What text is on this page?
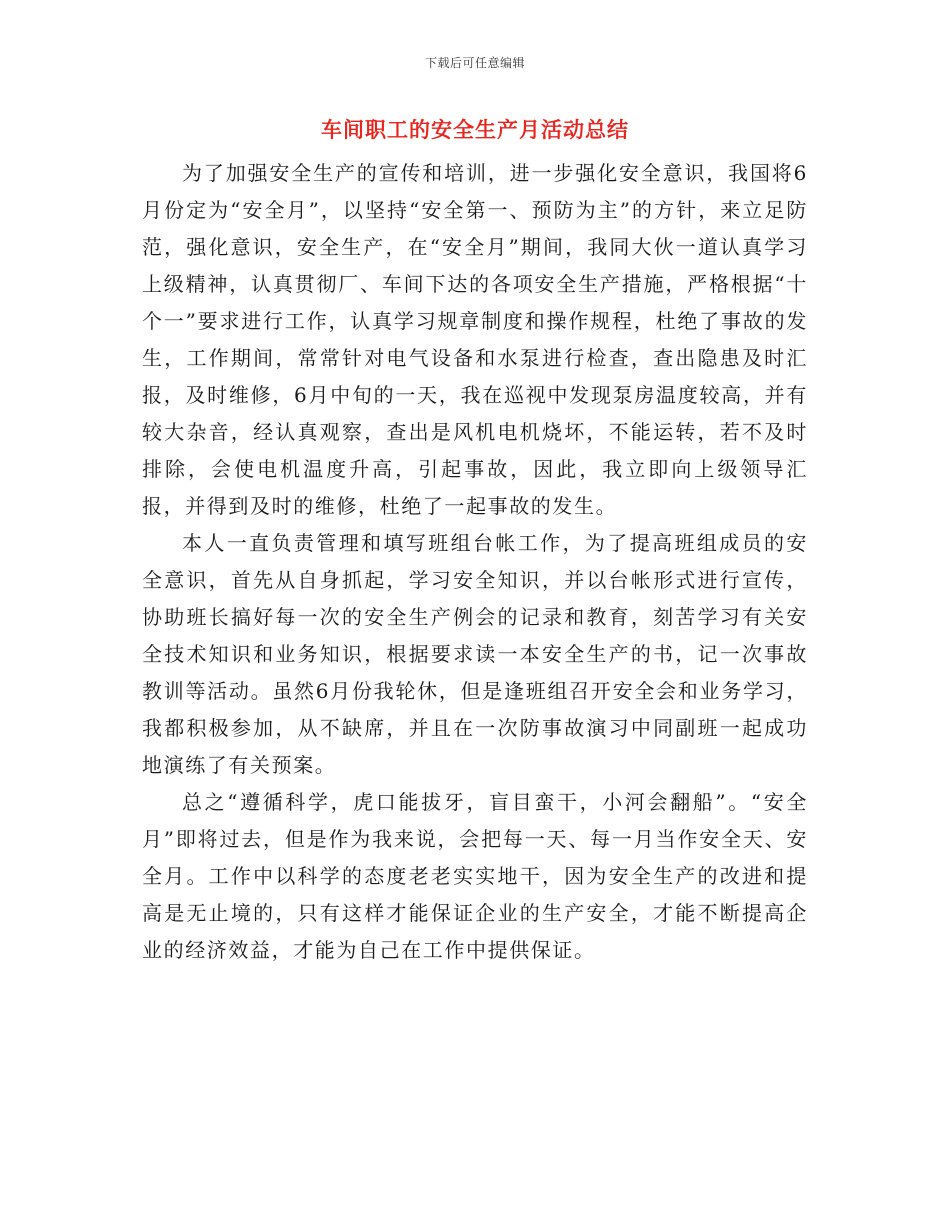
下载后可任意编辑
车间职工的安全生产月活动总结

为了加强安全生产的宣传和培训，进一步强化安全意识，我国将6月份定为“安全月”，以坚持“安全第一、预防为主”的方针，来立足防范，强化意识，安全生产，在“安全月”期间，我同大伙一道认真学习上级精神，认真贯彻厂、车间下达的各项安全生产措施，严格根据“十个一”要求进行工作，认真学习规章制度和操作规程，杜绝了事故的发生，工作期间，常常针对电气设备和水泵进行检查，查出隐患及时汇报，及时维修，6月中旬的一天，我在巡视中发现泵房温度较高，并有较大杂音，经认真观察，查出是风机电机烧坏，不能运转，若不及时排除，会使电机温度升高，引起事故，因此，我立即向上级领导汇报，并得到及时的维修，杜绝了一起事故的发生。

本人一直负责管理和填写班组台帐工作，为了提高班组成员的安全意识，首先从自身抓起，学习安全知识，并以台帐形式进行宣传，协助班长搞好每一次的安全生产例会的记录和教育，刻苦学习有关安全技术知识和业务知识，根据要求读一本安全生产的书，记一次事故教训等活动。虽然6月份我轮休，但是逢班组召开安全会和业务学习，我都积极参加，从不缺席，并且在一次防事故演习中同副班一起成功地演练了有关预案。

总之“遵循科学，虎口能拔牙，盲目蛮干，小河会翻船”。“安全月”即将过去，但是作为我来说，会把每一天、每一月当作安全天、安全月。工作中以科学的态度老老实实地干，因为安全生产的改进和提高是无止境的，只有这样才能保证企业的生产安全，才能不断提高企业的经济效益，才能为自己在工作中提供保证。
